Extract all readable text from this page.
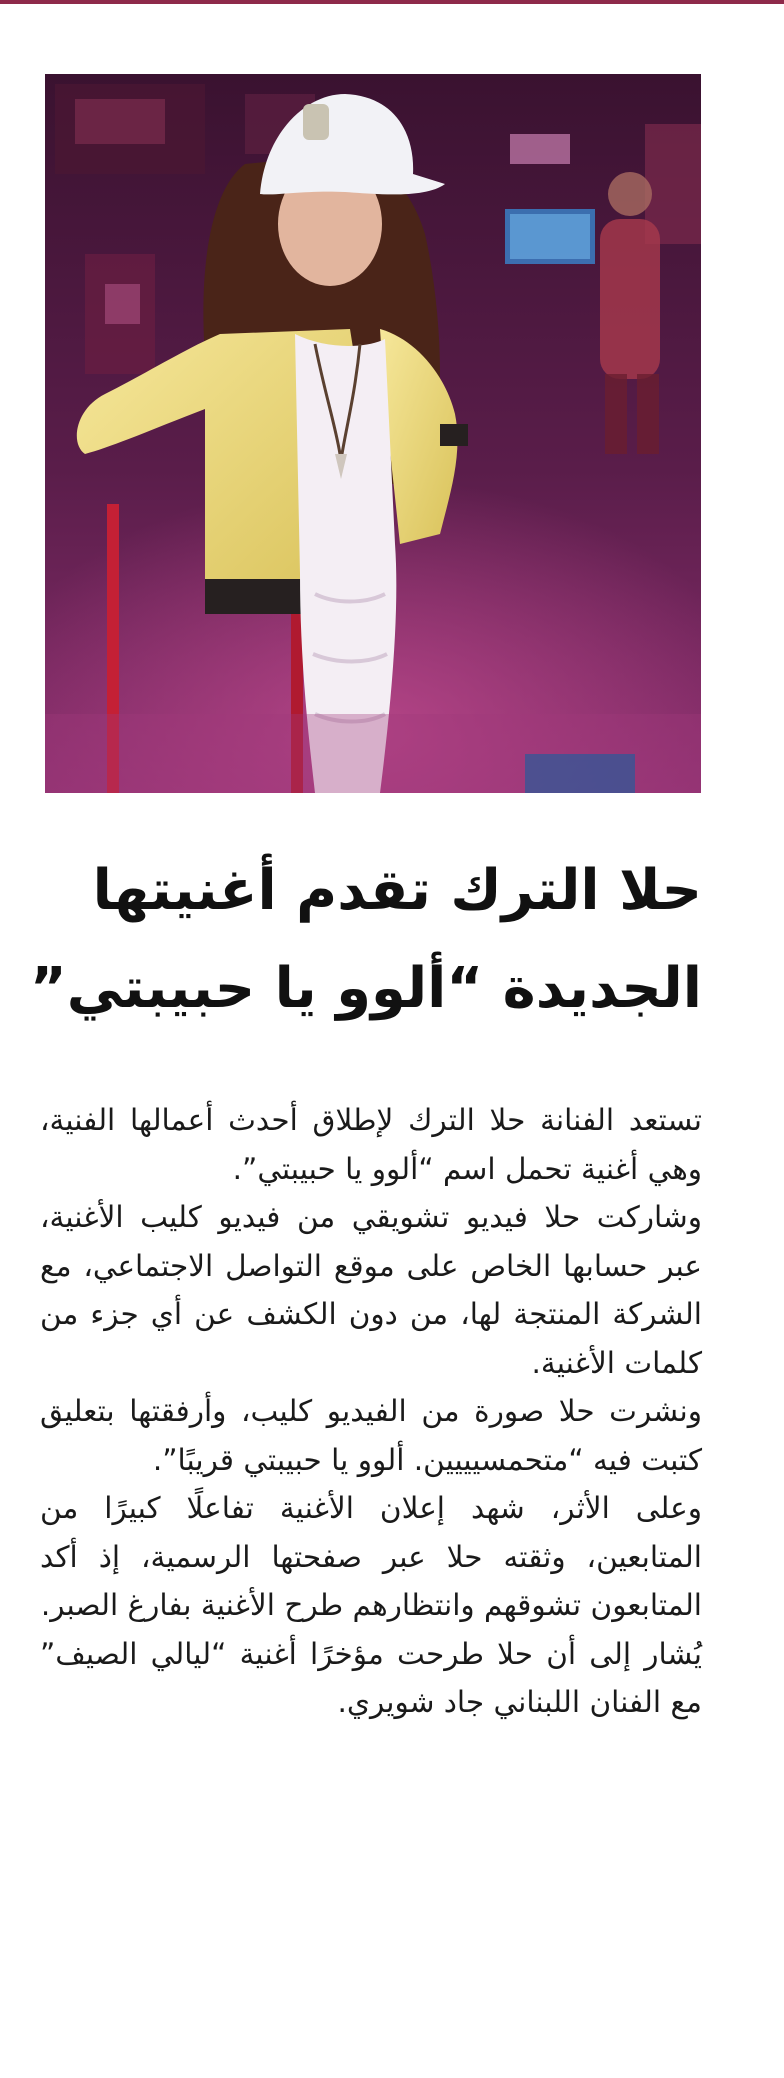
حلا الترك تقدم أغنيتها
الجديدة “ألوو يا حبيبتي”

تستعد الفنانة حلا الترك لإطلاق أحدث أعمالها الفنية، وهي أغنية تحمل اسم “ألوو يا حبيبتي”.

وشاركت حلا فيديو تشويقي من فيديو كليب الأغنية، عبر حسابها الخاص على موقع التواصل الاجتماعي، مع الشركة المنتجة لها، من دون الكشف عن أي جزء من كلمات الأغنية.

ونشرت حلا صورة من الفيديو كليب، وأرفقتها بتعليق كتبت فيه “متحمسيييين. ألوو يا حبيبتي قريبًا”.

وعلى الأثر، شهد إعلان الأغنية تفاعلًا كبيرًا من المتابعين، وثقته حلا عبر صفحتها الرسمية، إذ أكد المتابعون تشوقهم وانتظارهم طرح الأغنية بفارغ الصبر.

يُشار إلى أن حلا طرحت مؤخرًا أغنية “ليالي الصيف” مع الفنان اللبناني جاد شويري.
